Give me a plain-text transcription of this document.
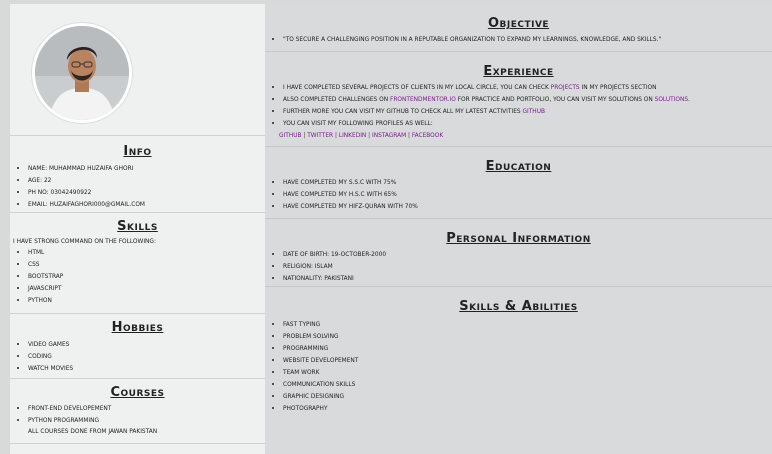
Info
• NAME: MUHAMMAD HUZAIFA GHORI
• AGE: 22
• PH NO: 03042490922
• EMAIL: HUZAIFAGHORI000@GMAIL.COM
Skills
I HAVE STRONG COMMAND ON THE FOLLOWING:
• HTML
• CSS
• BOOTSTRAP
• JAVASCRIPT
• PYTHON
Hobbies
• VIDEO GAMES
• CODING
• WATCH MOVIES
Courses
• FRONT-END DEVELOPEMENT
• PYTHON PROGRAMMING
ALL COURSES DONE FROM JAWAN PAKISTAN
Objective
• "TO SECURE A CHALLENGING POSITION IN A REPUTABLE ORGANIZATION TO EXPAND MY LEARNINGS, KNOWLEDGE, AND SKILLS."
Experience
• I HAVE COMPLETED SEVERAL PROJECTS OF CLIENTS IN MY LOCAL CIRCLE, YOU CAN CHECK PROJECTS IN MY PROJECTS SECTION
• ALSO COMPLETED CHALLENGES ON FRONTENDMENTOR.IO FOR PRACTICE AND PORTFOLIO, YOU CAN VISIT MY SOLUTIONS ON SOLUTIONS.
• FURTHER MORE YOU CAN VISIT MY GITHUB TO CHECK ALL MY LATEST ACTIVITIES GITHUB
• YOU CAN VISIT MY FOLLOWING PROFILES AS WELL:
GITHUB | TWITTER | LINKEDIN | INSTAGRAM | FACEBOOK
Education
• HAVE COMPLETED MY S.S.C WITH 75%
• HAVE COMPLETED MY H.S.C WITH 65%
• HAVE COMPLETED MY HIFZ-QURAN WITH 70%
Personal Information
• DATE OF BIRTH: 19-OCTOBER-2000
• RELIGION: ISLAM
• NATIONALITY: PAKISTANI
Skills & Abilities
• FAST TYPING
• PROBLEM SOLVING
• PROGRAMMING
• WEBSITE DEVELOPEMENT
• TEAM WORK
• COMMUNICATION SKILLS
• GRAPHIC DESIGNING
• PHOTOGRAPHY
